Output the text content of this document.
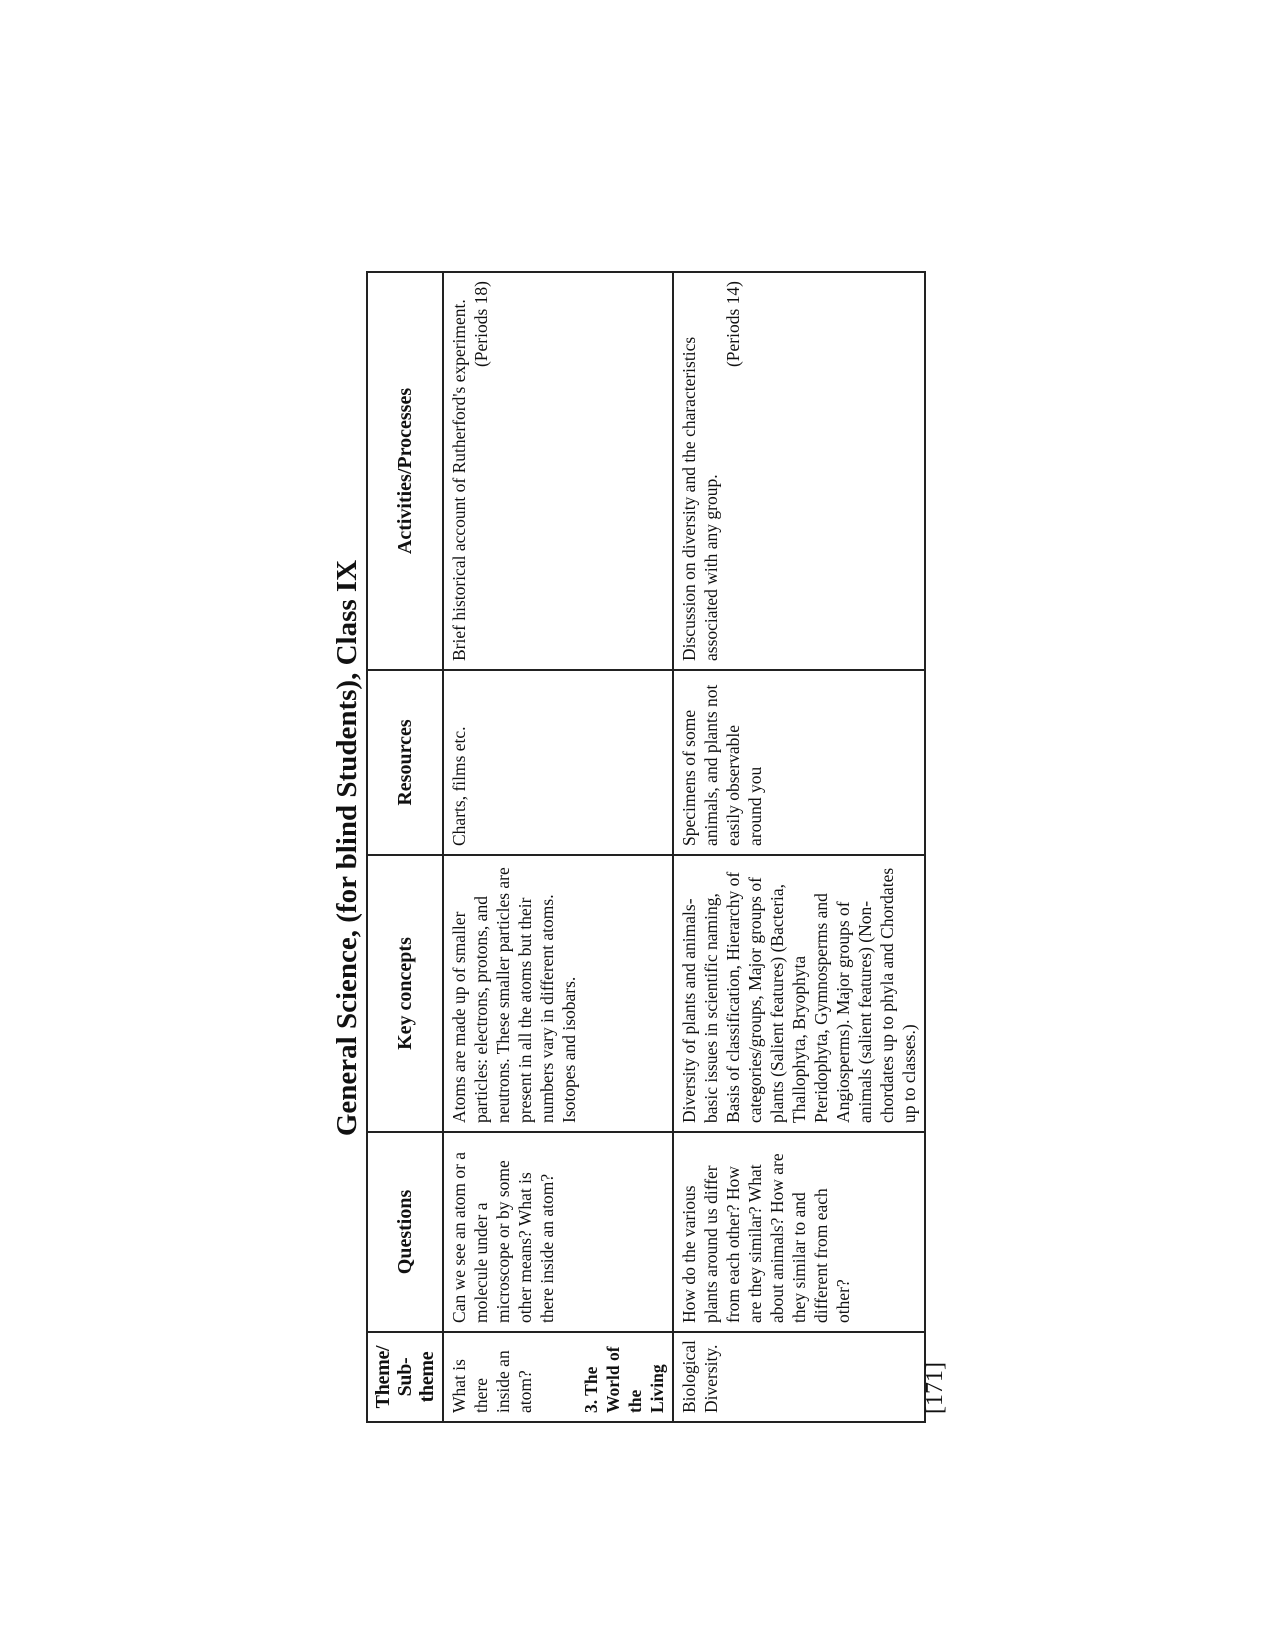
General Science, (for blind Students), Class IX
Theme/ Sub-theme	Questions	Key concepts	Resources	Activities/Processes

What is there inside an atom? 3. The World of the Living	Can we see an atom or a molecule under a microscope or by some other means? What is there inside an atom?	Atoms are made up of smaller particles: electrons, protons, and neutrons. These smaller particles are present in all the atoms but their numbers vary in different atoms. Isotopes and isobars.	Charts, films etc.	Brief historical account of Rutherford's experiment. (Periods 18)

Biological Diversity.	How do the various plants around us differ from each other? How are they similar? What about animals? How are they similar to and different from each other?	Diversity of plants and animals-basic issues in scientific naming, Basis of classification, Hierarchy of categories/groups, Major groups of plants (Salient features) (Bacteria, Thallophyta, Bryophyta Pteridophyta, Gymnosperms and Angiosperms). Major groups of animals (salient features) (Non-chordates up to phyla and Chordates up to classes.)	Specimens of some animals, and plants not easily observable around you	Discussion on diversity and the characteristics associated with any group.
(Periods 14)
[171]
